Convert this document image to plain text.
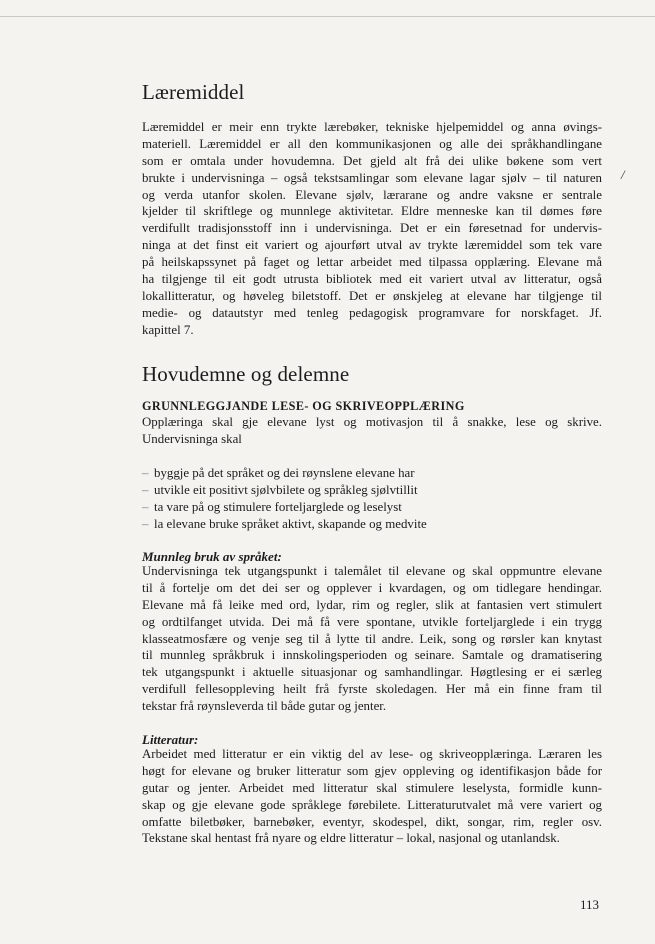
Læremiddel
Læremiddel er meir enn trykte lærebøker, tekniske hjelpemiddel og anna øvings-
materiell. Læremiddel er all den kommunikasjonen og alle dei språkhandlingane
som er omtala under hovudemna. Det gjeld alt frå dei ulike bøkene som vert
brukte i undervisninga – også tekstsamlingar som elevane lagar sjølv – til naturen
og verda utanfor skolen. Elevane sjølv, lærarane og andre vaksne er sentrale
kjelder til skriftlege og munnlege aktivitetar. Eldre menneske kan til dømes føre
verdifullt tradisjonsstoff inn i undervisninga. Det er ein føresetnad for undervis-
ninga at det finst eit variert og ajourført utval av trykte læremiddel som tek vare
på heilskapssynet på faget og lettar arbeidet med tilpassa opplæring. Elevane må
ha tilgjenge til eit godt utrusta bibliotek med eit variert utval av litteratur, også
lokallitteratur, og høveleg biletstoff. Det er ønskjeleg at elevane har tilgjenge til
medie- og datautstyr med tenleg pedagogisk programvare for norskfaget. Jf.
kapittel 7.
/
Hovudemne og delemne
GRUNNLEGGJANDE LESE- OG SKRIVEOPPLÆRING
Opplæringa skal gje elevane lyst og motivasjon til å snakke, lese og skrive.
Undervisninga skal
– byggje på det språket og dei røynslene elevane har
– utvikle eit positivt sjølvbilete og språkleg sjølvtillit
– ta vare på og stimulere forteljarglede og leselyst
– la elevane bruke språket aktivt, skapande og medvite
Munnleg bruk av språket:
Undervisninga tek utgangspunkt i talemålet til elevane og skal oppmuntre elevane
til å fortelje om det dei ser og opplever i kvardagen, og om tidlegare hendingar.
Elevane må få leike med ord, lydar, rim og regler, slik at fantasien vert stimulert
og ordtilfanget utvida. Dei må få vere spontane, utvikle forteljarglede i ein trygg
klasseatmosfære og venje seg til å lytte til andre. Leik, song og rørsler kan knytast
til munnleg språkbruk i innskolingsperioden og seinare. Samtale og dramatisering
tek utgangspunkt i aktuelle situasjonar og samhandlingar. Høgtlesing er ei særleg
verdifull fellesoppleving heilt frå fyrste skoledagen. Her må ein finne fram til
tekstar frå røynsleverda til både gutar og jenter.
Litteratur:
Arbeidet med litteratur er ein viktig del av lese- og skriveopplæringa. Læraren les
høgt for elevane og bruker litteratur som gjev oppleving og identifikasjon både for
gutar og jenter. Arbeidet med litteratur skal stimulere leselysta, formidle kunn-
skap og gje elevane gode språklege førebilete. Litteraturutvalet må vere variert og
omfatte biletbøker, barnebøker, eventyr, skodespel, dikt, songar, rim, regler osv.
Tekstane skal hentast frå nyare og eldre litteratur – lokal, nasjonal og utanlandsk.
113
